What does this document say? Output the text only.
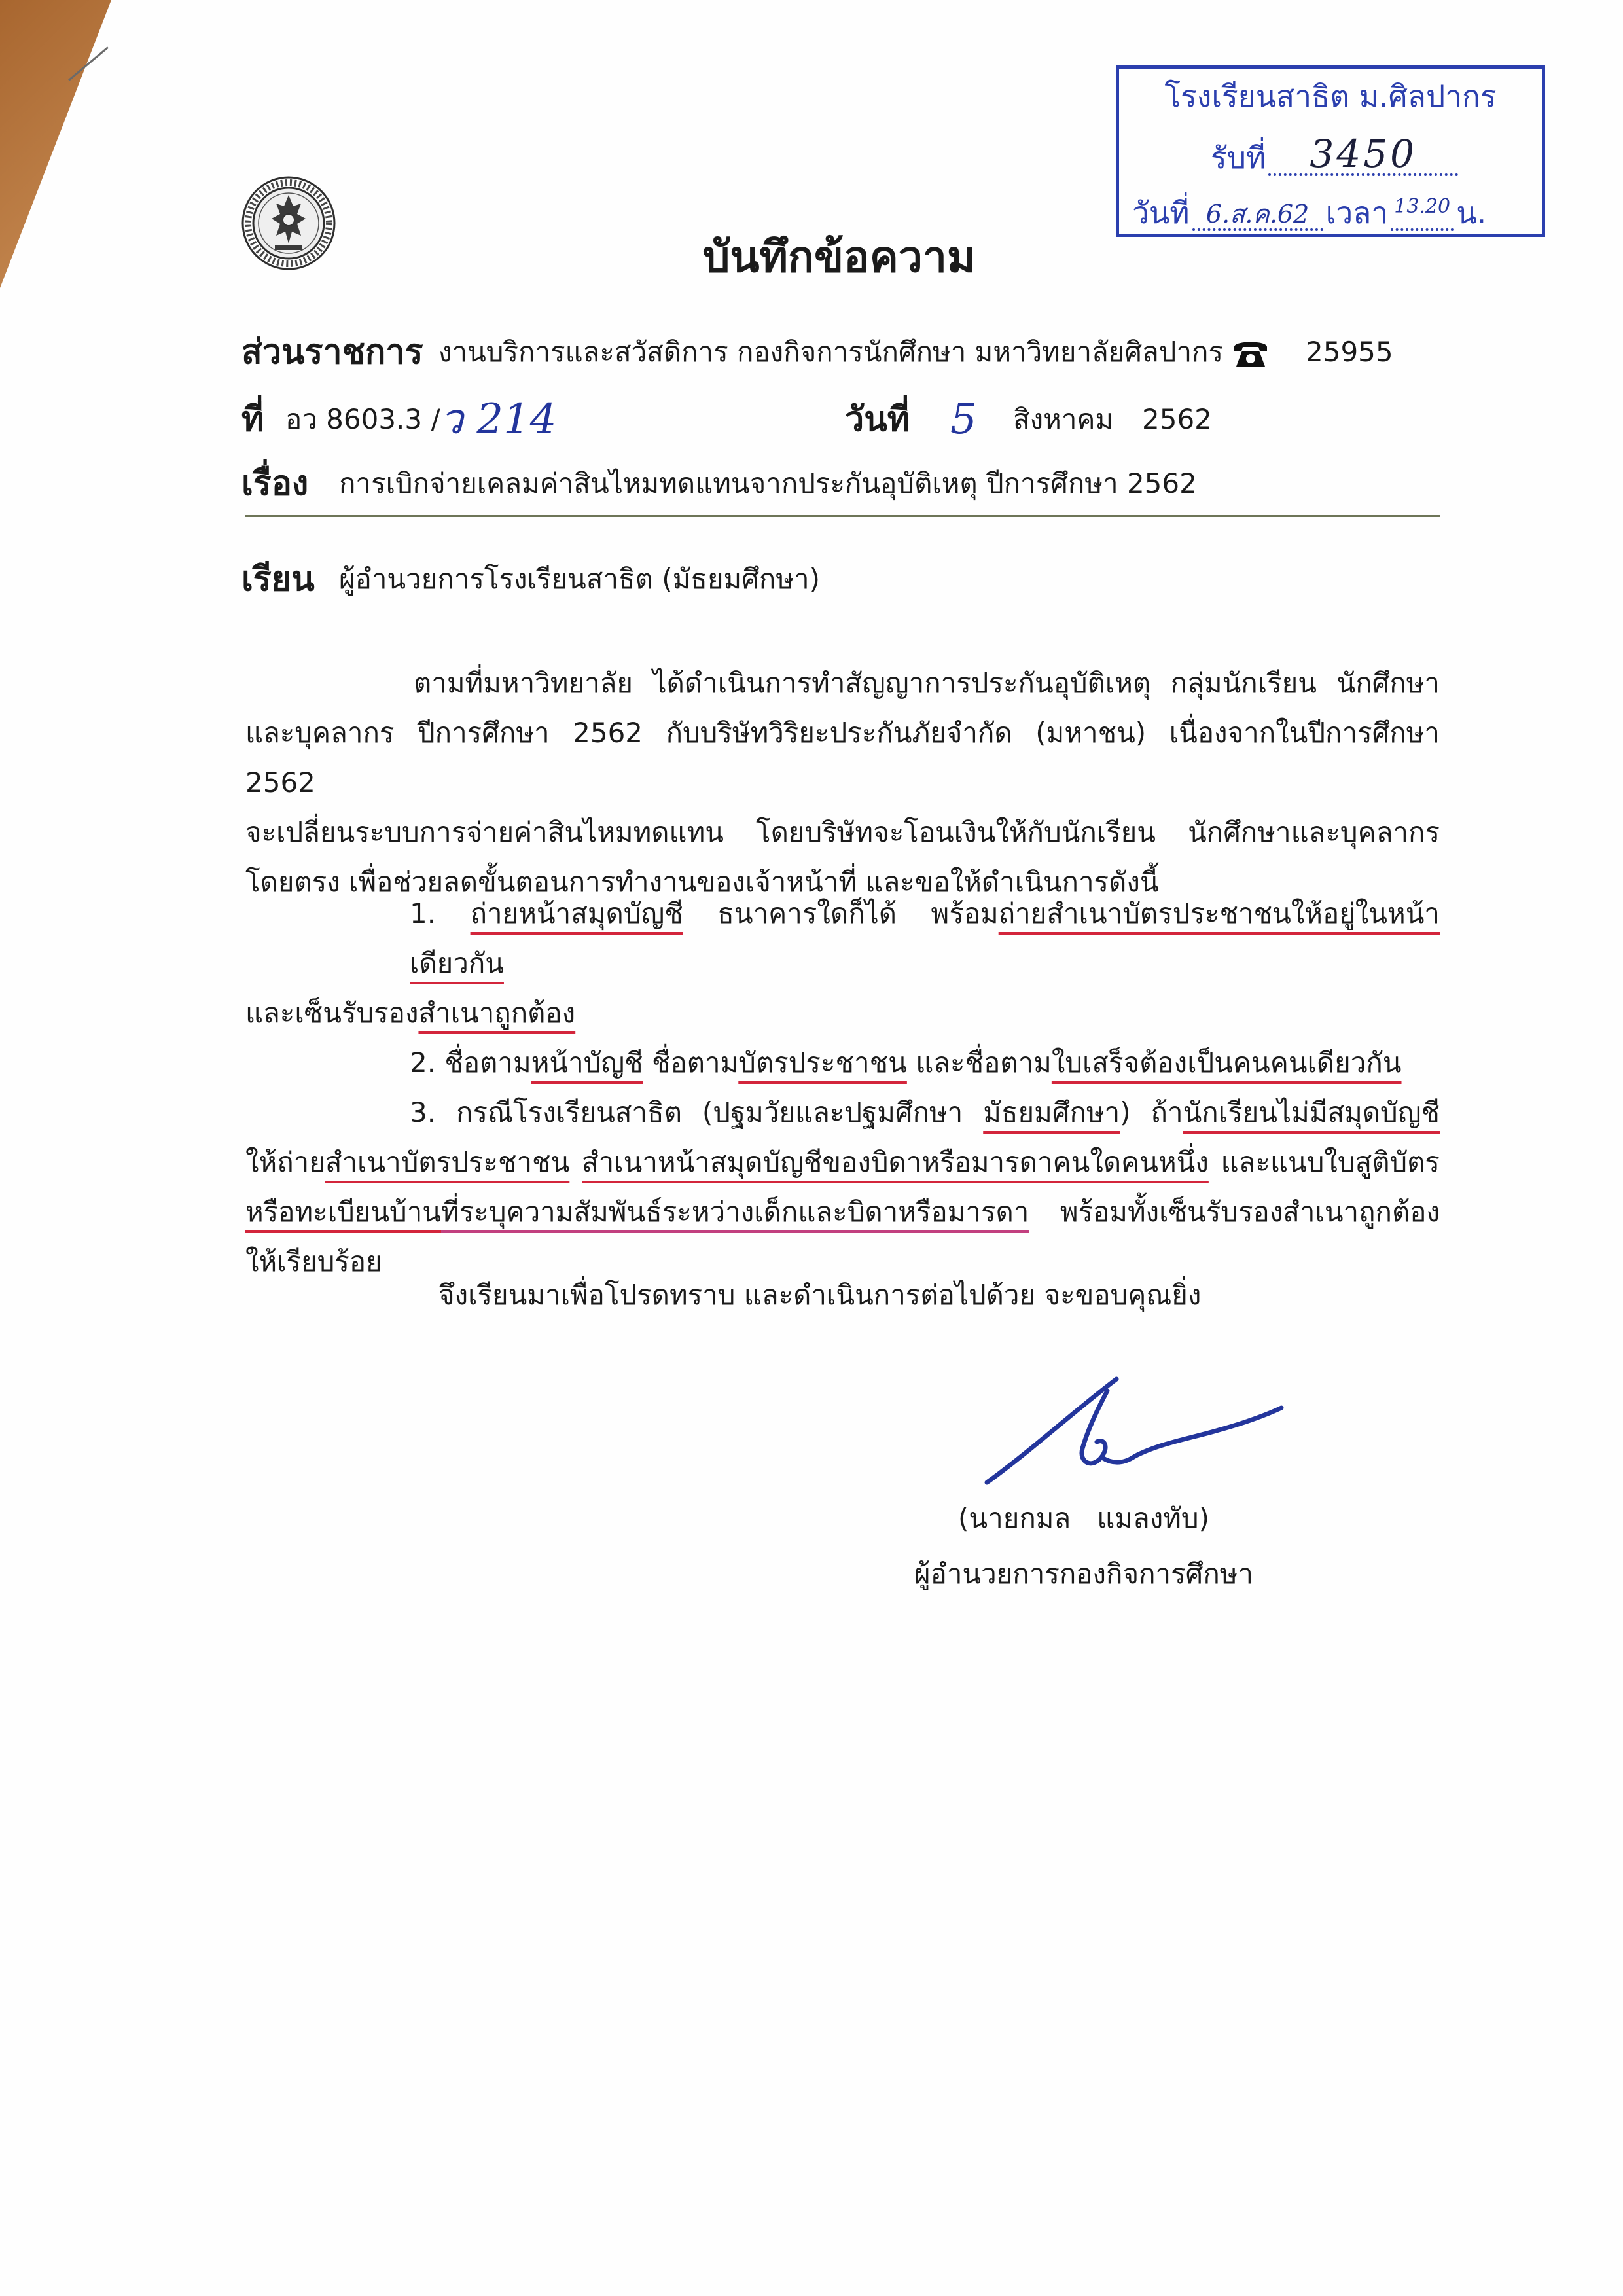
โรงเรียนสาธิต ม.ศิลปากร
รับที่ 3450
วันที่ 6.ส.ค.62 เวลา 13.20 น.
บันทึกข้อความ
ส่วนราชการ งานบริการและสวัสดิการ กองกิจการนักศึกษา มหาวิทยาลัยศิลปากร	25955
ที่ อว 8603.3 / ว 214	วันที่ 5 สิงหาคม 2562
เรื่อง การเบิกจ่ายเคลมค่าสินไหมทดแทนจากประกันอุบัติเหตุ ปีการศึกษา 2562
เรียน ผู้อำนวยการโรงเรียนสาธิต (มัธยมศึกษา)
ตามที่มหาวิทยาลัย ได้ดำเนินการทำสัญญาการประกันอุบัติเหตุ กลุ่มนักเรียน นักศึกษา
และบุคลากร ปีการศึกษา 2562 กับบริษัทวิริยะประกันภัยจำกัด (มหาชน) เนื่องจากในปีการศึกษา 2562
จะเปลี่ยนระบบการจ่ายค่าสินไหมทดแทน โดยบริษัทจะโอนเงินให้กับนักเรียน นักศึกษาและบุคลากร
โดยตรง เพื่อช่วยลดขั้นตอนการทำงานของเจ้าหน้าที่ และขอให้ดำเนินการดังนี้
1. ถ่ายหน้าสมุดบัญชี ธนาคารใดก็ได้ พร้อมถ่ายสำเนาบัตรประชาชนให้อยู่ในหน้าเดียวกัน
และเซ็นรับรองสำเนาถูกต้อง
2. ชื่อตามหน้าบัญชี ชื่อตามบัตรประชาชน และชื่อตามใบเสร็จต้องเป็นคนคนเดียวกัน
3. กรณีโรงเรียนสาธิต (ปฐมวัยและปฐมศึกษา มัธยมศึกษา) ถ้านักเรียนไม่มีสมุดบัญชี
ให้ถ่ายสำเนาบัตรประชาชน สำเนาหน้าสมุดบัญชีของบิดาหรือมารดาคนใดคนหนึ่ง และแนบใบสูติบัตร
หรือทะเบียนบ้านที่ระบุความสัมพันธ์ระหว่างเด็กและบิดาหรือมารดา พร้อมทั้งเซ็นรับรองสำเนาถูกต้อง
ให้เรียบร้อย
จึงเรียนมาเพื่อโปรดทราบ และดำเนินการต่อไปด้วย จะขอบคุณยิ่ง
(นายกมล   แมลงทับ)
ผู้อำนวยการกองกิจการศึกษา
